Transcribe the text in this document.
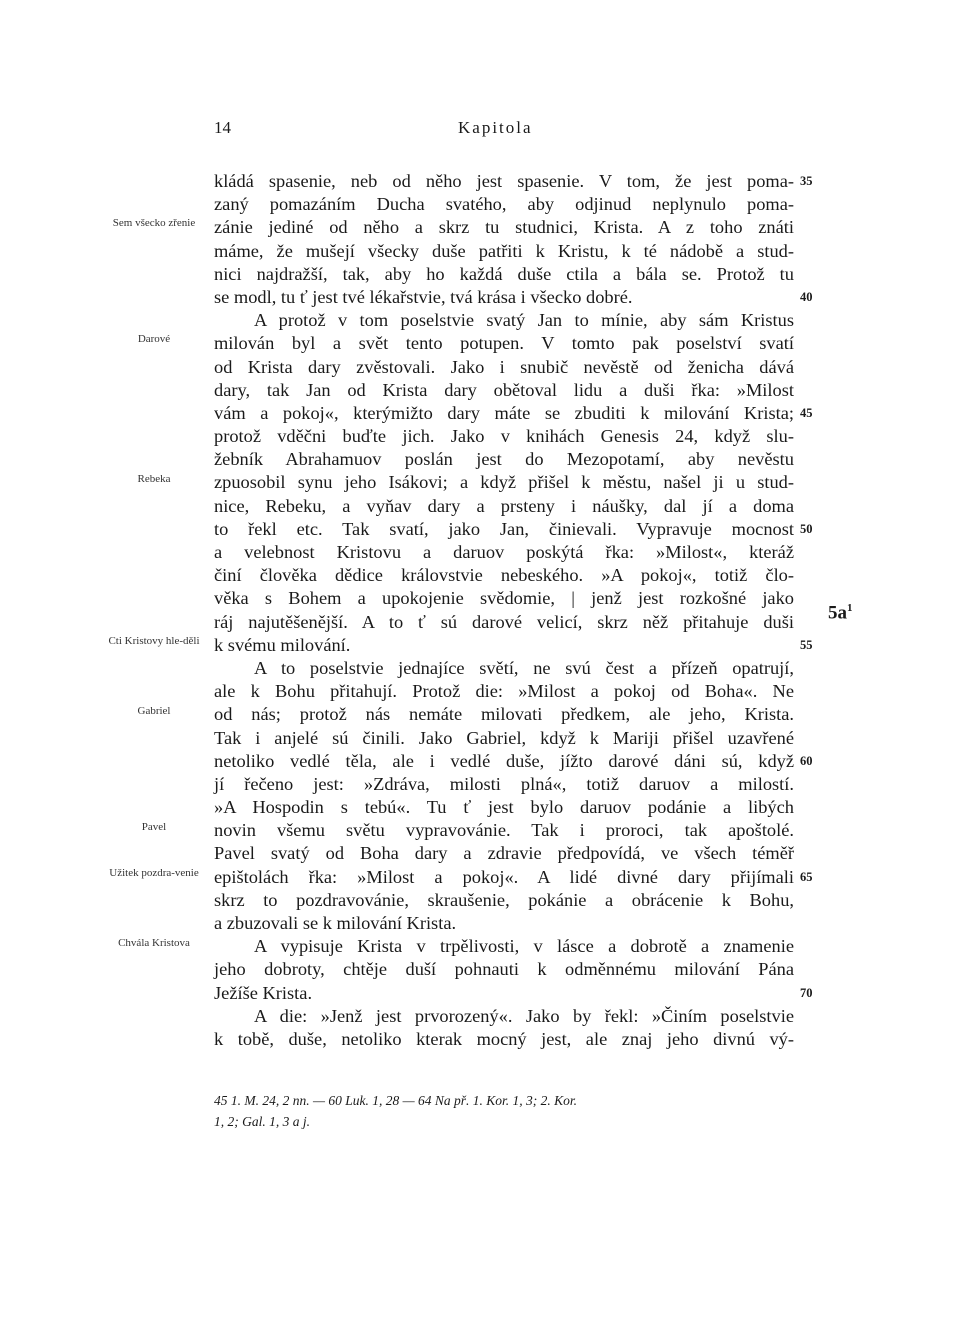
14	Kapitola
kládá spasenie, neb od něho jest spasenie. V tom, že jest poma-
zaný pomazáním Ducha svatého, aby odjinud neplynulo poma-
zánie jediné od něho a skrz tu studnici, Krista. A z toho znáti
máme, že mušejí všecky duše patřiti k Kristu, k té nádobě a stud-
nici najdražší, tak, aby ho každá duše ctila a bála se. Protož tu
se modl, tu ť jest tvé lékařstvie, tvá krása i všecko dobré.
A protož v tom poselstvie svatý Jan to mínie, aby sám Kristus
milován byl a svět tento potupen. V tomto pak poselství svatí
od Krista dary zvěstovali. Jako i snubič nevěstě od ženicha dává
dary, tak Jan od Krista dary obětoval lidu a duši řka: »Milost
vám a pokoj«, kterýmižto dary máte se zbuditi k milování Krista;
protož vděčni buďte jich. Jako v knihách Genesis 24, když slu-
žebník Abrahamuov poslán jest do Mezopotamí, aby nevěstu
zpuosobil synu jeho Isákovi; a když přišel k městu, našel ji u stud-
nice, Rebeku, a vyňav dary a prsteny i náušky, dal jí a doma
to řekl etc. Tak svatí, jako Jan, činievali. Vypravuje mocnost
a velebnost Kristovu a daruov poskýtá řka: »Milost«, kteráž
činí člověka dědice královstvie nebeského. »A pokoj«, totiž člo-
věka s Bohem a upokojenie svědomie, | jenž jest rozkošné jako
ráj najutěšenější. A to ť sú darové velicí, skrz něž přitahuje duši
k svému milování.
A to poselstvie jednajíce světí, ne svú čest a přízeň opatrují,
ale k Bohu přitahují. Protož die: »Milost a pokoj od Boha«. Ne
od nás; protož nás nemáte milovati předkem, ale jeho, Krista.
Tak i anjelé sú činili. Jako Gabriel, když k Mariji přišel uzavřené
netoliko vedlé těla, ale i vedlé duše, jížto darové dáni sú, když
jí řečeno jest: »Zdráva, milosti plná«, totiž daruov a milostí.
»A Hospodin s tebú«. Tu ť jest bylo daruov podánie a libých
novin všemu světu vypravovánie. Tak i proroci, tak apoštolé.
Pavel svatý od Boha dary a zdravie předpovídá, ve všech téměř
epištolách řka: »Milost a pokoj«. A lidé divné dary přijímali
skrz to pozdravovánie, skraušenie, pokánie a obrácenie k Bohu,
a zbuzovali se k milování Krista.
A vypisuje Krista v trpělivosti, v lásce a dobrotě a znamenie
jeho dobroty, chtěje duší pohnauti k odměnnému milování Pána
Ježíše Krista.
A die: »Jenž jest prvorozený«. Jako by řekl: »Činím poselstvie
k tobě, duše, netoliko kterak mocný jest, ale znaj jeho divnú vý-
35
40
45
50
55
60
65
70
Sem všecko zřenie
Darové
Rebeka
Cti Kristovy hle-děli
Gabriel
Pavel
Užitek pozdra-venie
Chvála Kristova
$5a^1$
45 1. M. 24, 2 nn. — 60 Luk. 1, 28 — 64 Na př. 1. Kor. 1, 3; 2. Kor.
1, 2; Gal. 1, 3 a j.
